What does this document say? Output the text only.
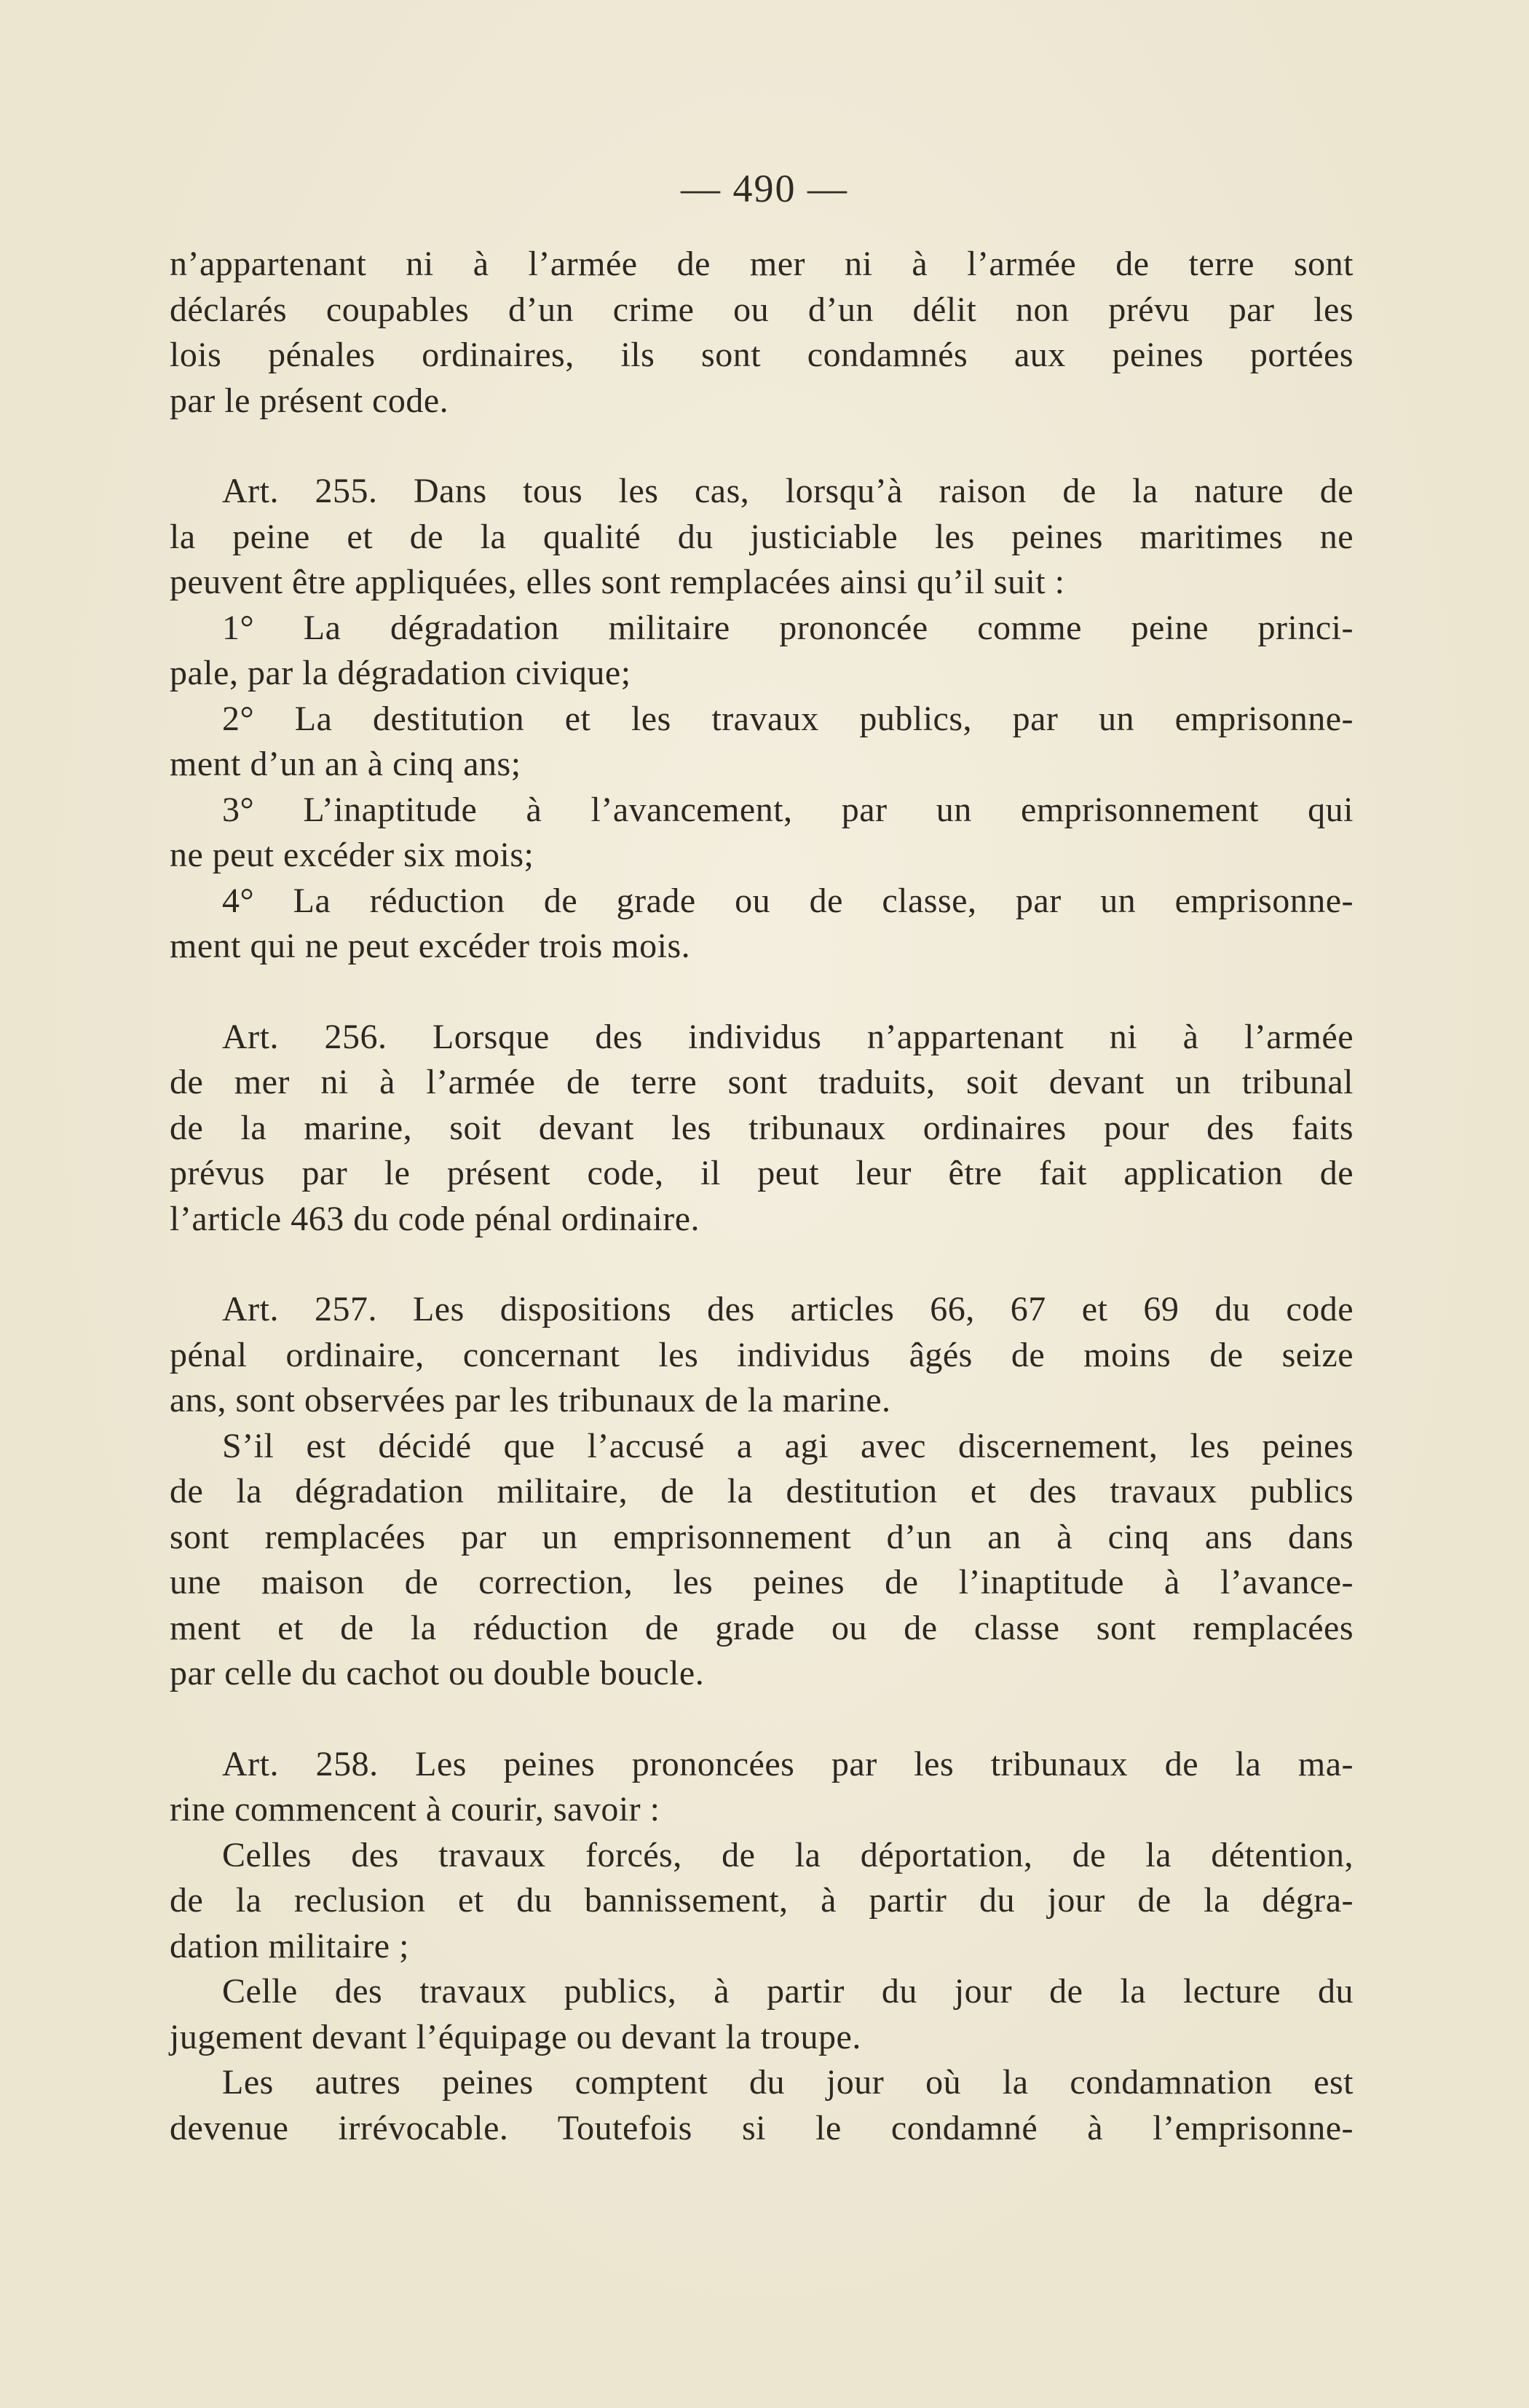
— 490 —
n’appartenant ni à l’armée de mer ni à l’armée de terre sont
déclarés coupables d’un crime ou d’un délit non prévu par les
lois pénales ordinaires, ils sont condamnés aux peines portées
par le présent code.
Art. 255. Dans tous les cas, lorsqu’à raison de la nature de
la peine et de la qualité du justiciable les peines maritimes ne
peuvent être appliquées, elles sont remplacées ainsi qu’il suit :
1° La dégradation militaire prononcée comme peine princi-
pale, par la dégradation civique;
2° La destitution et les travaux publics, par un emprisonne-
ment d’un an à cinq ans;
3° L’inaptitude à l’avancement, par un emprisonnement qui
ne peut excéder six mois;
4° La réduction de grade ou de classe, par un emprisonne-
ment qui ne peut excéder trois mois.
Art. 256. Lorsque des individus n’appartenant ni à l’armée
de mer ni à l’armée de terre sont traduits, soit devant un tribunal
de la marine, soit devant les tribunaux ordinaires pour des faits
prévus par le présent code, il peut leur être fait application de
l’article 463 du code pénal ordinaire.
Art. 257. Les dispositions des articles 66, 67 et 69 du code
pénal ordinaire, concernant les individus âgés de moins de seize
ans, sont observées par les tribunaux de la marine.
S’il est décidé que l’accusé a agi avec discernement, les peines
de la dégradation militaire, de la destitution et des travaux publics
sont remplacées par un emprisonnement d’un an à cinq ans dans
une maison de correction, les peines de l’inaptitude à l’avance-
ment et de la réduction de grade ou de classe sont remplacées
par celle du cachot ou double boucle.
Art. 258. Les peines prononcées par les tribunaux de la ma-
rine commencent à courir, savoir :
Celles des travaux forcés, de la déportation, de la détention,
de la reclusion et du bannissement, à partir du jour de la dégra-
dation militaire ;
Celle des travaux publics, à partir du jour de la lecture du
jugement devant l’équipage ou devant la troupe.
Les autres peines comptent du jour où la condamnation est
devenue irrévocable. Toutefois si le condamné à l’emprisonne-
